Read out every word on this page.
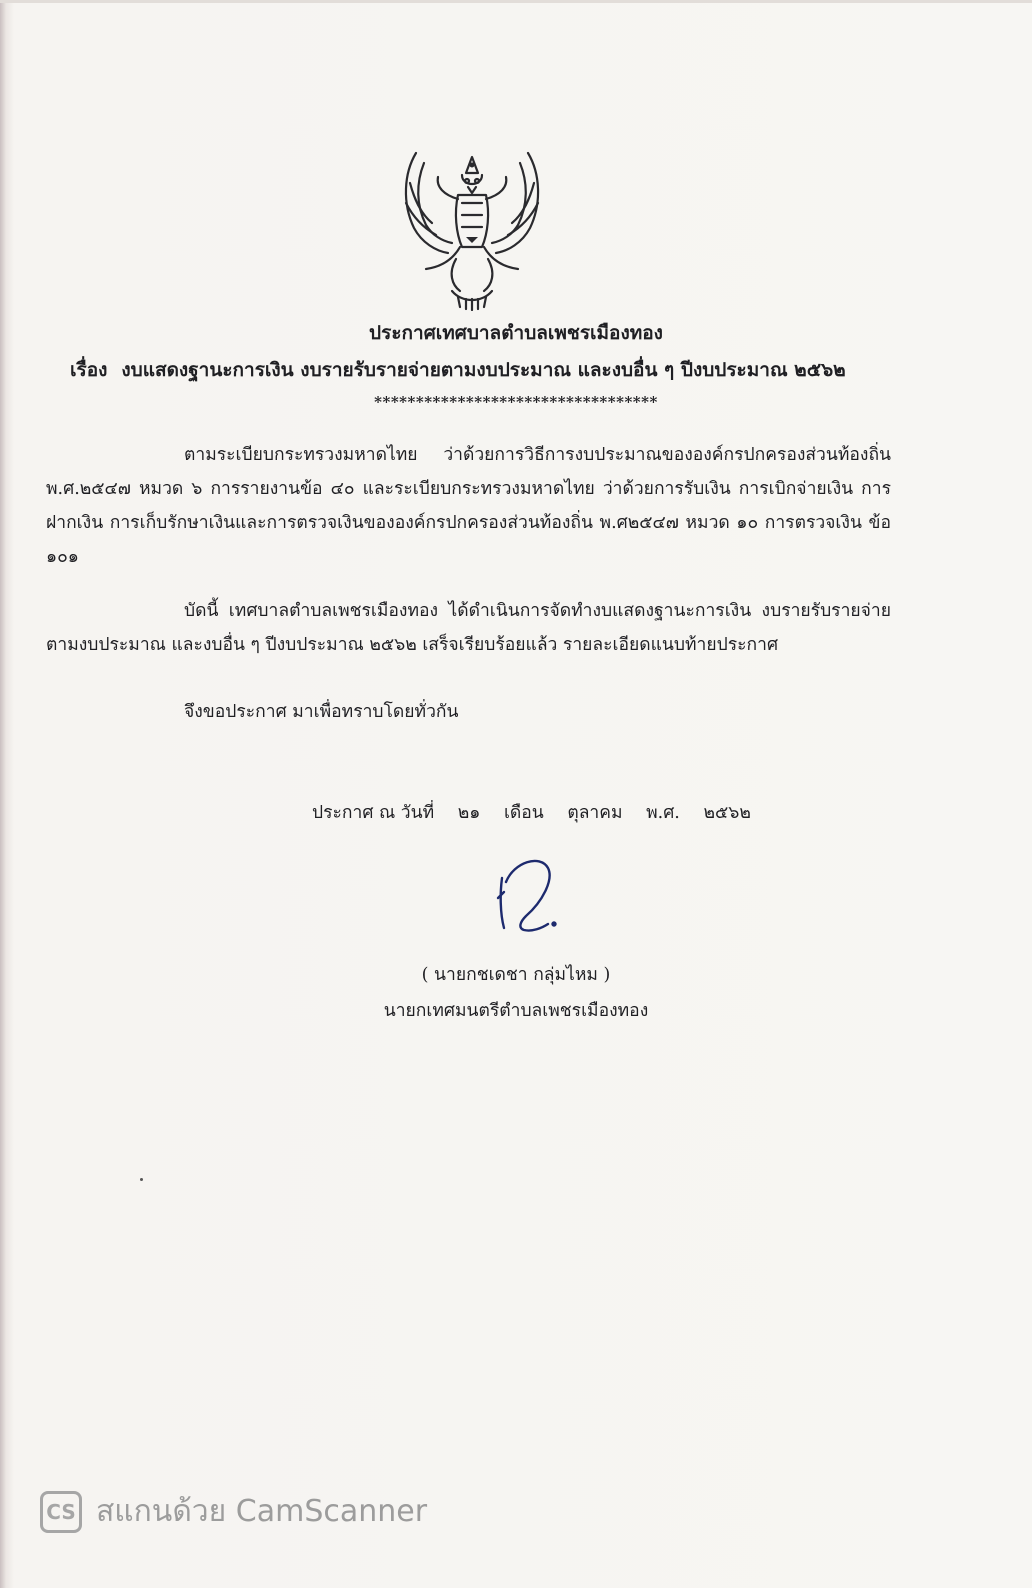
ประกาศเทศบาลตำบลเพชรเมืองทอง
เรื่อง งบแสดงฐานะการเงิน งบรายรับรายจ่ายตามงบประมาณ และงบอื่น ๆ ปีงบประมาณ ๒๕๖๒
**********************************
ตามระเบียบกระทรวงมหาดไทย ว่าด้วยการวิธีการงบประมาณขององค์กรปกครองส่วนท้องถิ่น พ.ศ.๒๕๔๗ หมวด ๖ การรายงานข้อ ๔๐ และระเบียบกระทรวงมหาดไทย ว่าด้วยการรับเงิน การเบิกจ่ายเงิน การฝากเงิน การเก็บรักษาเงินและการตรวจเงินขององค์กรปกครองส่วนท้องถิ่น พ.ศ๒๕๔๗ หมวด ๑๐ การตรวจเงิน ข้อ ๑๐๑
บัดนี้ เทศบาลตำบลเพชรเมืองทอง ได้ดำเนินการจัดทำงบแสดงฐานะการเงิน งบรายรับรายจ่ายตามงบประมาณ และงบอื่น ๆ ปีงบประมาณ ๒๕๖๒ เสร็จเรียบร้อยแล้ว รายละเอียดแนบท้ายประกาศ
จึงขอประกาศ มาเพื่อทราบโดยทั่วกัน
ประกาศ ณ วันที่ ๒๑ เดือน ตุลาคม พ.ศ. ๒๕๖๒
( นายกชเดชา กลุ่มไหม )
นายกเทศมนตรีตำบลเพชรเมืองทอง
CS สแกนด้วย CamScanner
